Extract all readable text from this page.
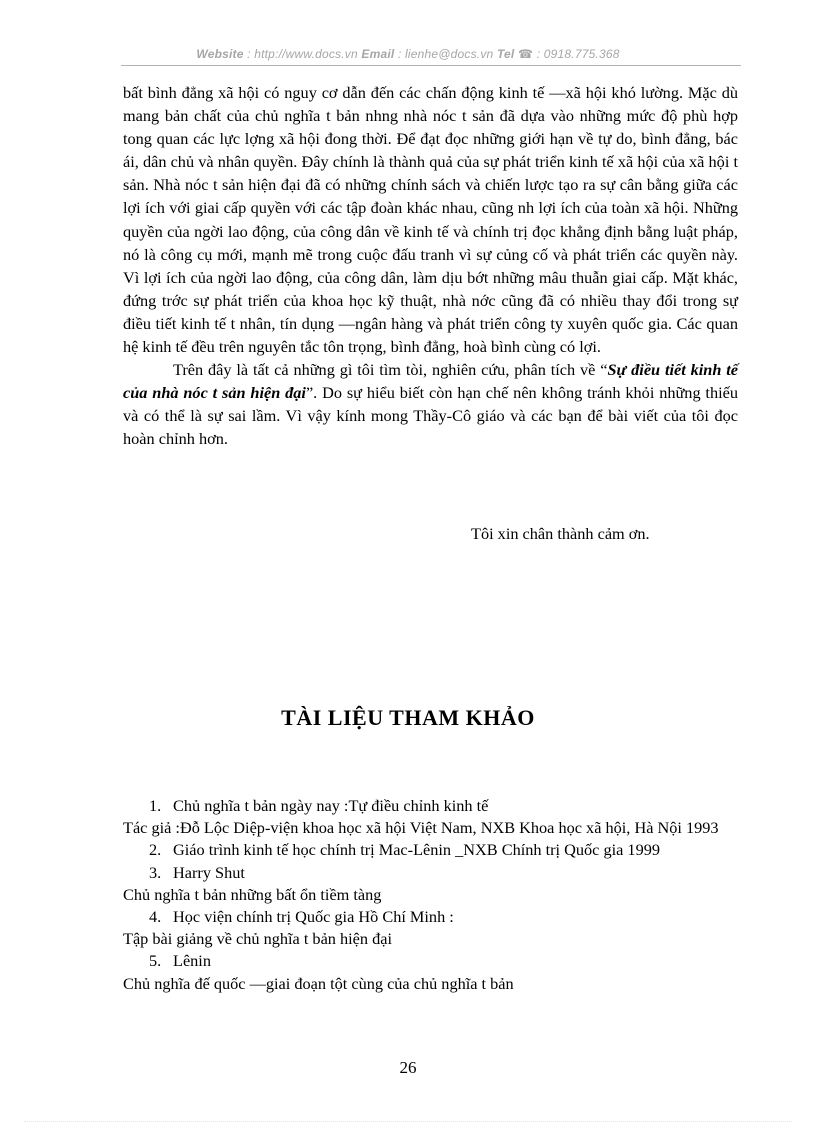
Website : http://www.docs.vn Email : lienhe@docs.vn Tel ☎ : 0918.775.368

bất bình đẳng xã hội có nguy cơ dẫn đến các chấn động kinh tế —xã hội khó lường. Mặc dù mang bản chất của chủ nghĩa t bản nhng nhà nóc t sản đã dựa vào những mức độ phù hợp tong quan các lực lợng xã hội đong thời. Để đạt đọc những giới hạn về tự do, bình đẳng, bác ái, dân chủ và nhân quyền. Đây chính là thành quả của sự phát triển kinh tế xã hội của xã hội t sản. Nhà nóc t sản hiện đại đã có những chính sách và chiến lược tạo ra sự cân bằng giữa các lợi ích với giai cấp quyền với các tập đoàn khác nhau, cũng nh lợi ích của toàn xã hội. Những quyền của ngời lao động, của công dân về kinh tế và chính trị đọc khẳng định bằng luật pháp, nó là công cụ mới, mạnh mẽ trong cuộc đấu tranh vì sự củng cố và phát triển các quyền này. Vì lợi ích của ngời lao động, của công dân, làm dịu bớt những mâu thuẫn giai cấp. Mặt khác, đứng trớc sự phát triển của khoa học kỹ thuật, nhà nớc cũng đã có nhiều thay đổi trong sự điều tiết kinh tế t nhân, tín dụng —ngân hàng và phát triển công ty xuyên quốc gia. Các quan hệ kinh tế đều trên nguyên tắc tôn trọng, bình đẳng, hoà bình cùng có lợi.

Trên đây là tất cả những gì tôi tìm tòi, nghiên cứu, phân tích về “Sự điều tiết kinh tế của nhà nóc t sản hiện đại”. Do sự hiểu biết còn hạn chế nên không tránh khỏi những thiếu và có thể là sự sai lầm. Vì vậy kính mong Thầy-Cô giáo và các bạn để bài viết của tôi đọc hoàn chỉnh hơn.

Tôi xin chân thành cảm ơn.

TÀI LIỆU THAM KHẢO
1. Chủ nghĩa t bản ngày nay :Tự điều chỉnh kinh tế
Tác giả :Đỗ Lộc Diệp-viện khoa học xã hội Việt Nam, NXB Khoa học xã hội, Hà Nội 1993
2. Giáo trình kinh tế học chính trị Mac-Lênin _NXB Chính trị Quốc gia 1999
3. Harry Shut
Chủ nghĩa t bản những bất ổn tiềm tàng
4. Học viện chính trị Quốc gia Hồ Chí Minh :
Tập bài giảng về chủ nghĩa t bản hiện đại
5. Lênin
Chủ nghĩa đế quốc —giai đoạn tột cùng của chủ nghĩa t bản
26
